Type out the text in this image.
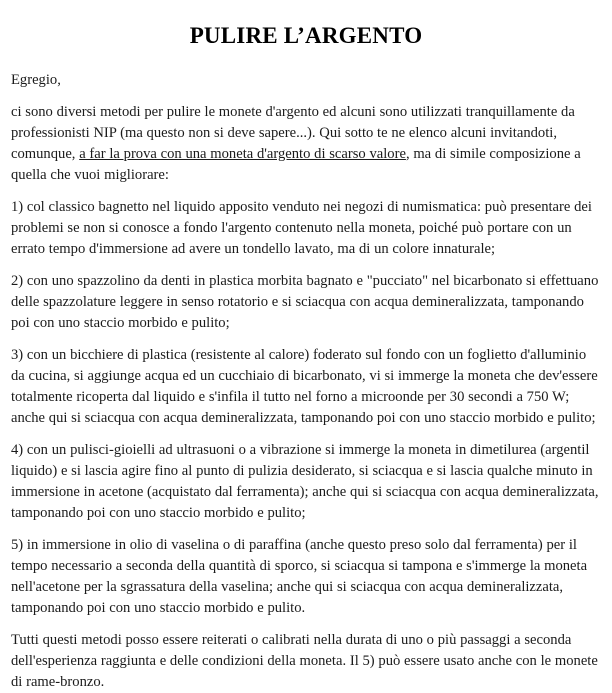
PULIRE L’ARGENTO

Egregio,

ci sono diversi metodi per pulire le monete d'argento ed alcuni sono utilizzati tranquillamente da professionisti NIP (ma questo non si deve sapere...). Qui sotto te ne elenco alcuni invitandoti, comunque, a far la prova con una moneta d'argento di scarso valore, ma di simile composizione a quella che vuoi migliorare:

1) col classico bagnetto nel liquido apposito venduto nei negozi di numismatica: può presentare dei problemi se non si conosce a fondo l'argento contenuto nella moneta, poiché può portare con un errato tempo d'immersione ad avere un tondello lavato, ma di un colore innaturale;

2) con uno spazzolino da denti in plastica morbita bagnato e "pucciato" nel bicarbonato si effettuano delle spazzolature leggere in senso rotatorio e si sciacqua con acqua demineralizzata, tamponando poi con uno staccio morbido e pulito;

3) con un bicchiere di plastica (resistente al calore) foderato sul fondo con un foglietto d'alluminio da cucina, si aggiunge acqua ed un cucchiaio di bicarbonato, vi si immerge la moneta che dev'essere totalmente ricoperta dal liquido e s'infila il tutto nel forno a microonde per 30 secondi a 750 W; anche qui si sciacqua con acqua demineralizzata, tamponando poi con uno staccio morbido e pulito;

4) con un pulisci-gioielli ad ultrasuoni o a vibrazione si immerge la moneta in dimetilurea (argentil liquido) e si lascia agire fino al punto di pulizia desiderato, si sciacqua e si lascia qualche minuto in immersione in acetone (acquistato dal ferramenta); anche qui si sciacqua con acqua demineralizzata, tamponando poi con uno staccio morbido e pulito;

5) in immersione in olio di vaselina o di paraffina (anche questo preso solo dal ferramenta) per il tempo necessario a seconda della quantità di sporco, si sciacqua si tampona e s'immerge la moneta nell'acetone per la sgrassatura della vaselina; anche qui si sciacqua con acqua demineralizzata, tamponando poi con uno staccio morbido e pulito.

Tutti questi metodi posso essere reiterati o calibrati nella durata di uno o più passaggi a seconda dell'esperienza raggiunta e delle condizioni della moneta. Il 5) può essere usato anche con le monete di rame-bronzo.
